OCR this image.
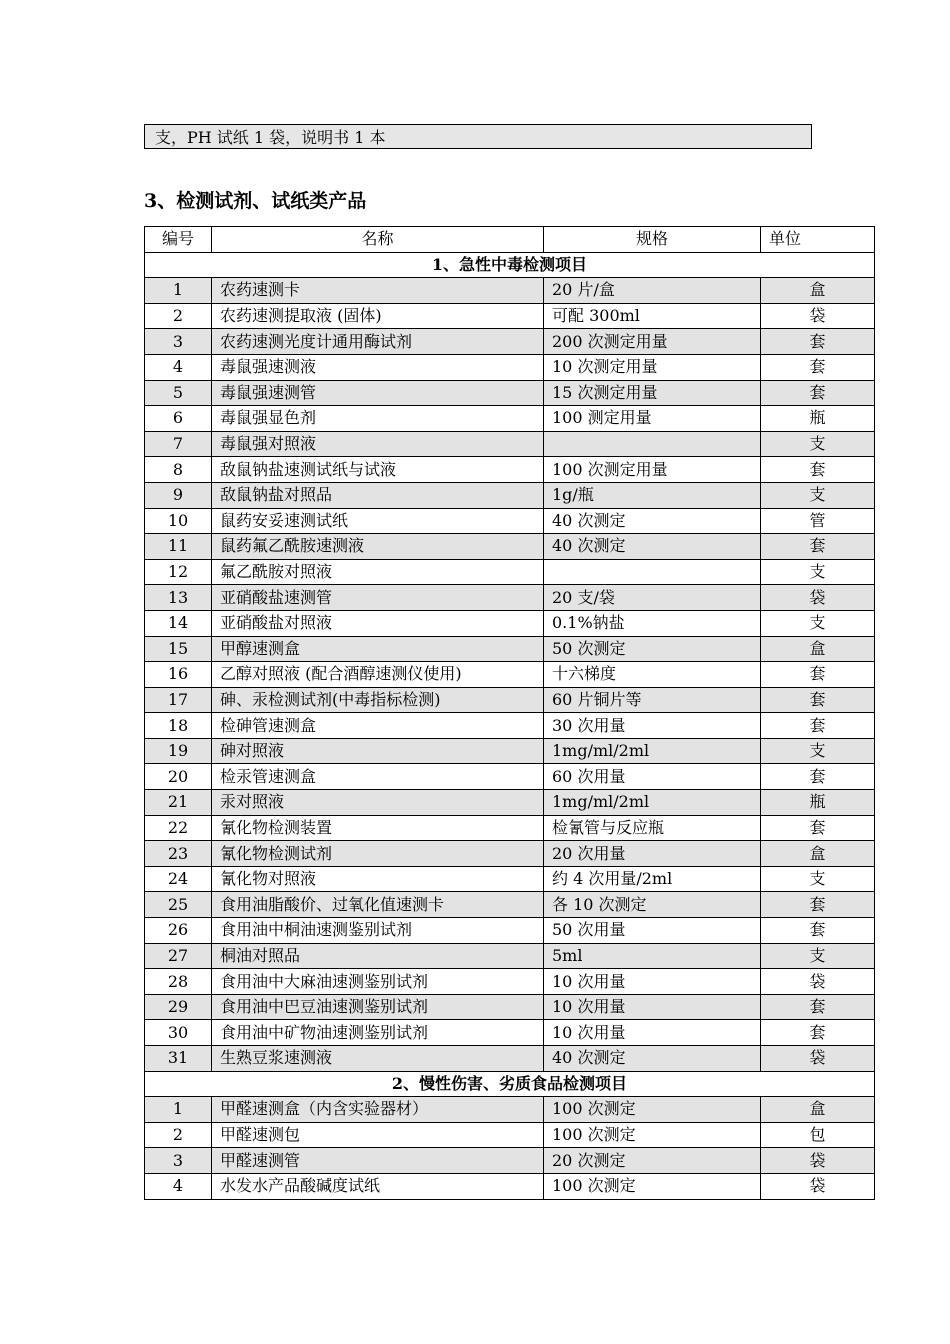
支，PH 试纸 1 袋，说明书 1 本
3、检测试剂、试纸类产品
编号	名称	规格	单位
1、急性中毒检测项目			
1	农药速测卡	20 片/盒	盒
2	农药速测提取液 (固体)	可配 300ml	袋
3	农药速测光度计通用酶试剂	200 次测定用量	套
4	毒鼠强速测液	10 次测定用量	套
5	毒鼠强速测管	15 次测定用量	套
6	毒鼠强显色剂	100 测定用量	瓶
7	毒鼠强对照液		支
8	敌鼠钠盐速测试纸与试液	100 次测定用量	套
9	敌鼠钠盐对照品	1g/瓶	支
10	鼠药安妥速测试纸	40 次测定	管
11	鼠药氟乙酰胺速测液	40 次测定	套
12	氟乙酰胺对照液		支
13	亚硝酸盐速测管	20 支/袋	袋
14	亚硝酸盐对照液	0.1%钠盐	支
15	甲醇速测盒	50 次测定	盒
16	乙醇对照液 (配合酒醇速测仪使用)	十六梯度	套
17	砷、汞检测试剂(中毒指标检测)	60 片铜片等	套
18	检砷管速测盒	30 次用量	套
19	砷对照液	1mg/ml/2ml	支
20	检汞管速测盒	60 次用量	套
21	汞对照液	1mg/ml/2ml	瓶
22	氰化物检测装置	检氰管与反应瓶	套
23	氰化物检测试剂	20 次用量	盒
24	氰化物对照液	约 4 次用量/2ml	支
25	食用油脂酸价、过氧化值速测卡	各 10 次测定	套
26	食用油中桐油速测鉴别试剂	50 次用量	套
27	桐油对照品	5ml	支
28	食用油中大麻油速测鉴别试剂	10 次用量	袋
29	食用油中巴豆油速测鉴别试剂	10 次用量	套
30	食用油中矿物油速测鉴别试剂	10 次用量	套
31	生熟豆浆速测液	40 次测定	袋
2、慢性伤害、劣质食品检测项目			
1	甲醛速测盒（内含实验器材）	100 次测定	盒
2	甲醛速测包	100 次测定	包
3	甲醛速测管	20 次测定	袋
4	水发水产品酸碱度试纸	100 次测定	袋
